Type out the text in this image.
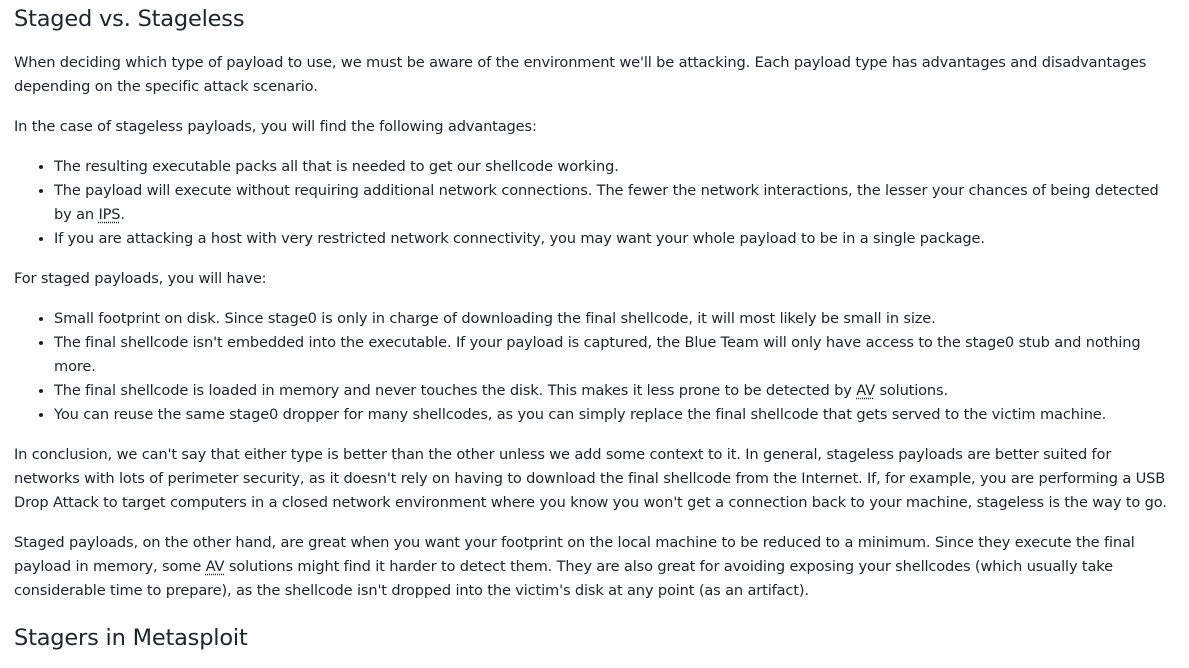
Staged vs. Stageless

When deciding which type of payload to use, we must be aware of the environment we'll be attacking. Each payload type has advantages and disadvantages depending on the specific attack scenario.

In the case of stageless payloads, you will find the following advantages:

• The resulting executable packs all that is needed to get our shellcode working.
• The payload will execute without requiring additional network connections. The fewer the network interactions, the lesser your chances of being detected by an IPS.
• If you are attacking a host with very restricted network connectivity, you may want your whole payload to be in a single package.

For staged payloads, you will have:

• Small footprint on disk. Since stage0 is only in charge of downloading the final shellcode, it will most likely be small in size.
• The final shellcode isn't embedded into the executable. If your payload is captured, the Blue Team will only have access to the stage0 stub and nothing more.
• The final shellcode is loaded in memory and never touches the disk. This makes it less prone to be detected by AV solutions.
• You can reuse the same stage0 dropper for many shellcodes, as you can simply replace the final shellcode that gets served to the victim machine.

In conclusion, we can't say that either type is better than the other unless we add some context to it. In general, stageless payloads are better suited for networks with lots of perimeter security, as it doesn't rely on having to download the final shellcode from the Internet. If, for example, you are performing a USB Drop Attack to target computers in a closed network environment where you know you won't get a connection back to your machine, stageless is the way to go.

Staged payloads, on the other hand, are great when you want your footprint on the local machine to be reduced to a minimum. Since they execute the final payload in memory, some AV solutions might find it harder to detect them. They are also great for avoiding exposing your shellcodes (which usually take considerable time to prepare), as the shellcode isn't dropped into the victim's disk at any point (as an artifact).

Stagers in Metasploit
